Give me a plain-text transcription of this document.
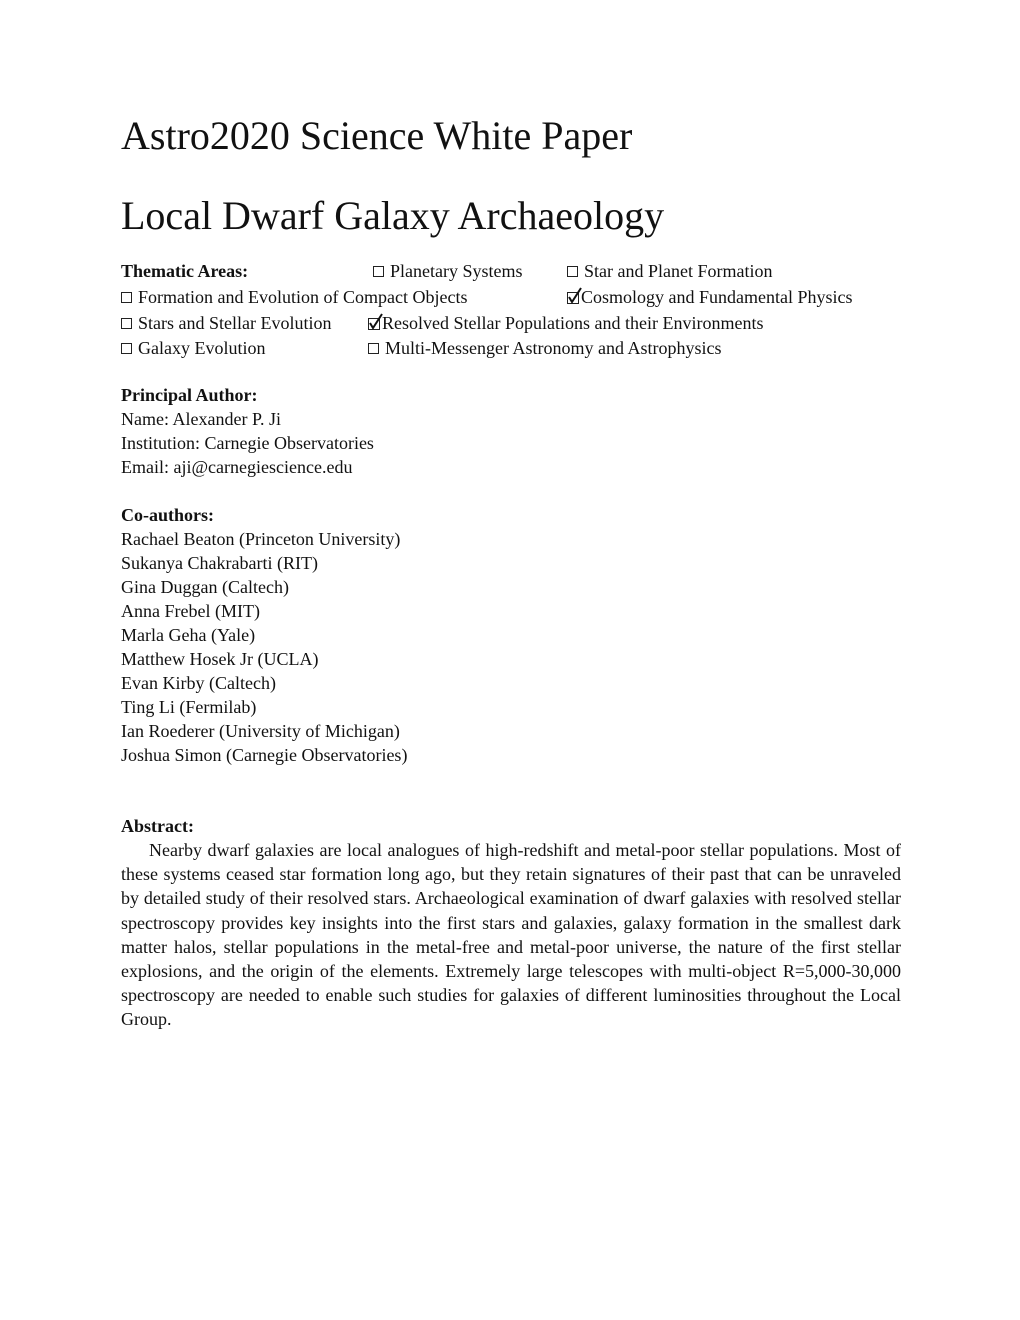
Astro2020 Science White Paper
Local Dwarf Galaxy Archaeology
Thematic Areas:	Planetary Systems	Star and Planet Formation
Formation and Evolution of Compact Objects	Cosmology and Fundamental Physics
Stars and Stellar Evolution	Resolved Stellar Populations and their Environments
Galaxy Evolution	Multi-Messenger Astronomy and Astrophysics
Principal Author:
Name: Alexander P. Ji
Institution: Carnegie Observatories
Email: aji@carnegiescience.edu
Co-authors:
Rachael Beaton (Princeton University)
Sukanya Chakrabarti (RIT)
Gina Duggan (Caltech)
Anna Frebel (MIT)
Marla Geha (Yale)
Matthew Hosek Jr (UCLA)
Evan Kirby (Caltech)
Ting Li (Fermilab)
Ian Roederer (University of Michigan)
Joshua Simon (Carnegie Observatories)
Abstract:
Nearby dwarf galaxies are local analogues of high-redshift and metal-poor stellar populations. Most of these systems ceased star formation long ago, but they retain signatures of their past that can be unraveled by detailed study of their resolved stars. Archaeological examination of dwarf galaxies with resolved stellar spectroscopy provides key insights into the first stars and galaxies, galaxy formation in the smallest dark matter halos, stellar populations in the metal-free and metal-poor universe, the nature of the first stellar explosions, and the origin of the elements. Extremely large telescopes with multi-object R=5,000-30,000 spectroscopy are needed to enable such studies for galaxies of different luminosities throughout the Local Group.
